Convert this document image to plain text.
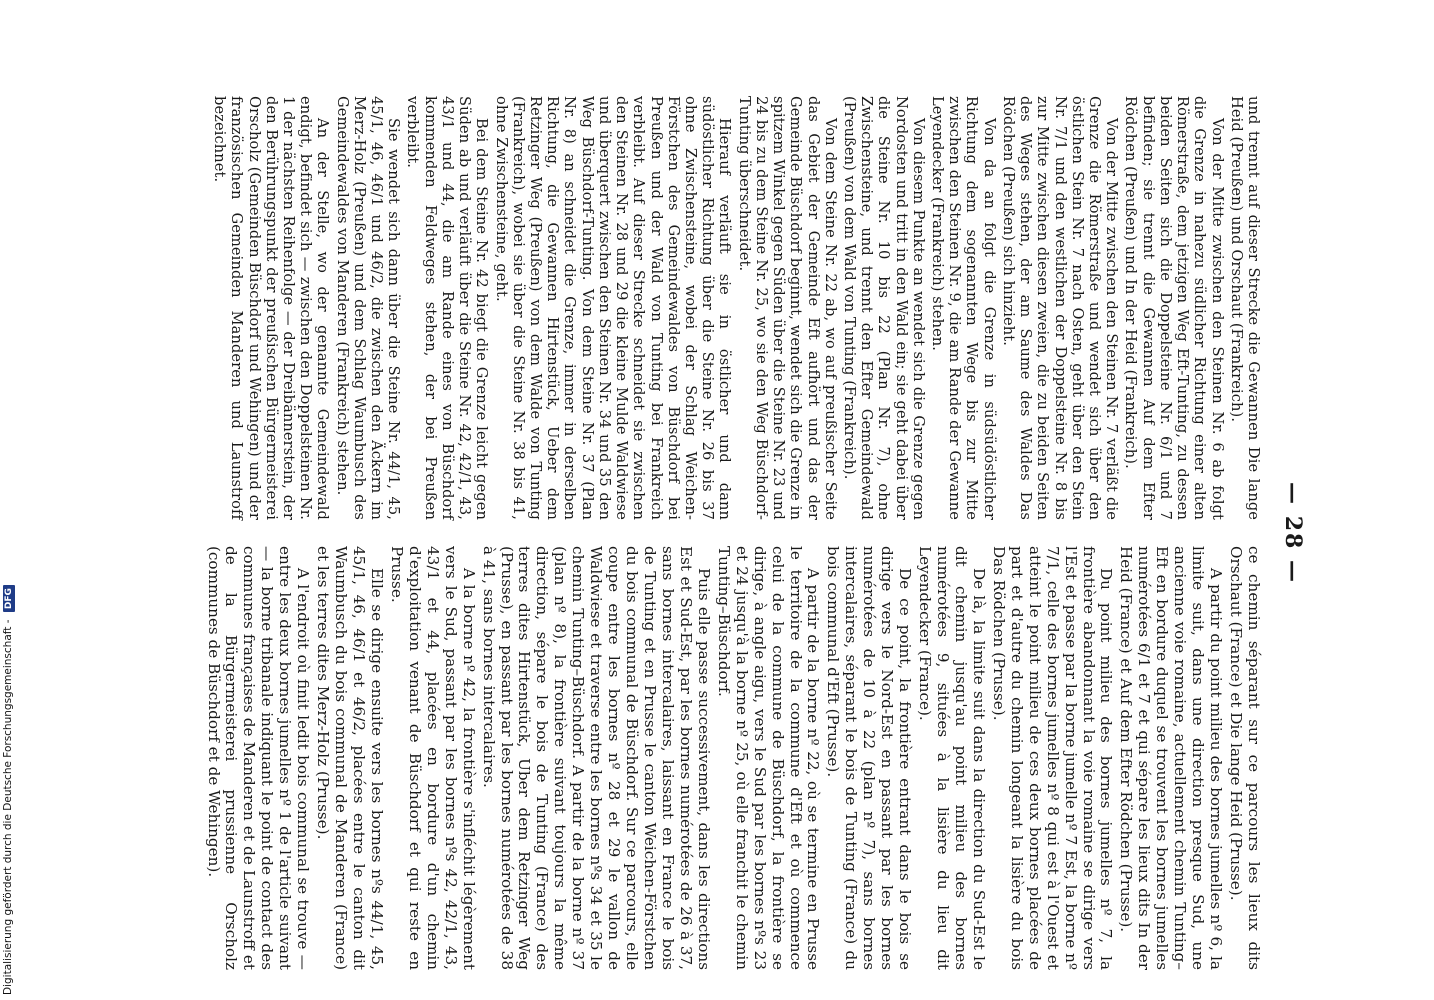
— 28 —

und trennt auf dieser Strecke die Gewannen Die lange Heid (Preußen) und Orschaut (Frankreich).

Von der Mitte zwischen den Steinen Nr. 6 ab folgt die Grenze in nahezu südlicher Richtung einer alten Römerstraße, dem jetzigen Weg Eft-Tunting, zu dessen beiden Seiten sich die Doppelsteine Nr. 6/1 und 7 befinden; sie trennt die Gewannen Auf dem Efter Rödchen (Preußen) und In der Heid (Frankreich).

Von der Mitte zwischen den Steinen Nr. 7 verläßt die Grenze die Römerstraße und wendet sich über den östlichen Stein Nr. 7 nach Osten, geht über den Stein Nr. 7/1 und den westlichen der Doppelsteine Nr. 8 bis zur Mitte zwischen diesen zweien, die zu beiden Seiten des Weges stehen, der am Saume des Waldes Das Rödchen (Preußen) sich hinzieht.

Von da an folgt die Grenze in südsüdöstlicher Richtung dem sogenannten Wege bis zur Mitte zwischen den Steinen Nr. 9, die am Rande der Gewanne Leyendecker (Frankreich) stehen.

Von diesem Punkte an wendet sich die Grenze gegen Nordosten und tritt in den Wald ein; sie geht dabei über die Steine Nr. 10 bis 22 (Plan Nr. 7), ohne Zwischensteine, und trennt den Efter Gemeindewald (Preußen) von dem Wald von Tunting (Frankreich).

Von dem Steine Nr. 22 ab, wo auf preußischer Seite das Gebiet der Gemeinde Eft aufhört und das der Gemeinde Büschdorf beginnt, wendet sich die Grenze in spitzem Winkel gegen Süden über die Steine Nr. 23 und 24 bis zu dem Steine Nr. 25, wo sie den Weg Büschdorf-Tunting überschneidet.

Hierauf verläuft sie in östlicher und dann südöstlicher Richtung über die Steine Nr. 26 bis 37 ohne Zwischensteine, wobei der Schlag Weichen-Förstchen des Gemeindewaldes von Büschdorf bei Preußen und der Wald von Tunting bei Frankreich verbleibt. Auf dieser Strecke schneidet sie zwischen den Steinen Nr. 28 und 29 die kleine Mulde Waldwiese und überquert zwischen den Steinen Nr. 34 und 35 den Weg Büschdorf-Tunting. Von dem Steine Nr. 37 (Plan Nr. 8) an schneidet die Grenze, immer in derselben Richtung, die Gewannen Hirtenstück, Ueber dem Retzinger Weg (Preußen) von dem Walde von Tunting (Frankreich), wobei sie über die Steine Nr. 38 bis 41, ohne Zwischensteine, geht.

Bei dem Steine Nr. 42 biegt die Grenze leicht gegen Süden ab und verläuft über die Steine Nr. 42, 42/1, 43, 43/1 und 44, die am Rande eines von Büschdorf kommenden Feldweges stehen, der bei Preußen verbleibt.

Sie wendet sich dann über die Steine Nr. 44/1, 45, 45/1, 46, 46/1 und 46/2, die zwischen den Äckern im Merz-Holz (Preußen) und dem Schlag Waumbusch des Gemeindewaldes von Manderen (Frankreich) stehen.

An der Stelle, wo der genannte Gemeindewald endigt, befindet sich — zwischen den Doppelsteinen Nr. 1 der nächsten Reihenfolge — der Dreibännerstein, der den Berührungspunkt der preußischen Bürgermeisterei Orscholz (Gemeinden Büschdorf und Wehingen) und der französischen Gemeinden Manderen und Launstroff bezeichnet.

ce chemin séparant sur ce parcours les lieux dits Orschaut (France) et Die lange Heid (Prusse).

A partir du point milieu des bornes jumelles nº 6, la limite suit, dans une direction presque Sud, une ancienne voie romaine, actuellement chemin Tunting–Eft en bordure duquel se trouvent les bornes jumelles numérotées 6/1 et 7 et qui sépare les lieux dits In der Heid (France) et Auf dem Efter Rödchen (Prusse).

Du point milieu des bornes jumelles nº 7, la frontière abandonnant la voie romaine se dirige vers l'Est et passe par la borne jumelle nº 7 Est, la borne nº 7/1, celle des bornes jumelles nº 8 qui est à l'Ouest et atteint le point milieu de ces deux bornes placées de part et d'autre du chemin longeant la lisière du bois Das Rödchen (Prusse).

De là, la limite suit dans la direction du Sud-Est le dit chemin jusqu'au point milieu des bornes numérotées 9, situées à la lisière du lieu dit Leyendecker (France).

De ce point, la frontière entrant dans le bois se dirige vers le Nord-Est en passant par les bornes numérotées de 10 à 22 (plan nº 7), sans bornes intercalaires, séparant le bois de Tunting (France) du bois communal d'Eft (Prusse).

A partir de la borne nº 22, où se termine en Prusse le territoire de la commune d'Eft et où commence celui de la commune de Büschdorf, la frontière se dirige, à angle aigu, vers le Sud par les bornes nºs 23 et 24 jusqu'à la borne nº 25, où elle franchit le chemin Tunting–Büschdorf.

Puis elle passe successivement, dans les directions Est et Sud-Est, par les bornes numérotées de 26 à 37, sans bornes intercalaires, laissant en France le bois de Tunting et en Prusse le canton Weichen-Förstchen du bois communal de Büschdorf. Sur ce parcours, elle coupe entre les bornes nº 28 et 29 le vallon de Waldwiese et traverse entre les bornes nºs 34 et 35 le chemin Tunting–Büschdorf. A partir de la borne nº 37 (plan nº 8), la frontière suivant toujours la même direction, sépare le bois de Tunting (France) des terres dites Hirtenstück, Uber dem Retzinger Weg (Prusse), en passant par les bornes numérotées de 38 à 41, sans bornes intercalaires.

A la borne nº 42, la frontière s'infléchit légèrement vers le Sud, passant par les bornes nºs 42, 42/1, 43, 43/1 et 44, placées en bordure d'un chemin d'exploitation venant de Büschdorf et qui reste en Prusse.

Elle se dirige ensuite vers les bornes nºs 44/1, 45, 45/1, 46, 46/1 et 46/2, placées entre le canton dit Waumbusch du bois communal de Manderen (France) et les terres dites Merz-Holz (Prusse).

A l'endroit où finit ledit bois communal se trouve — entre les deux bornes jumelles nº 1 de l'article suivant — la borne tribanale indiquant le point de contact des communes françaises de Manderen et de Launstroff et de la Bürgermeisterei prussienne Orscholz (communes de Büschdorf et de Wehingen).

Digitalisierung gefördert durch die Deutsche Forschungsgemeinschaft - DFG
